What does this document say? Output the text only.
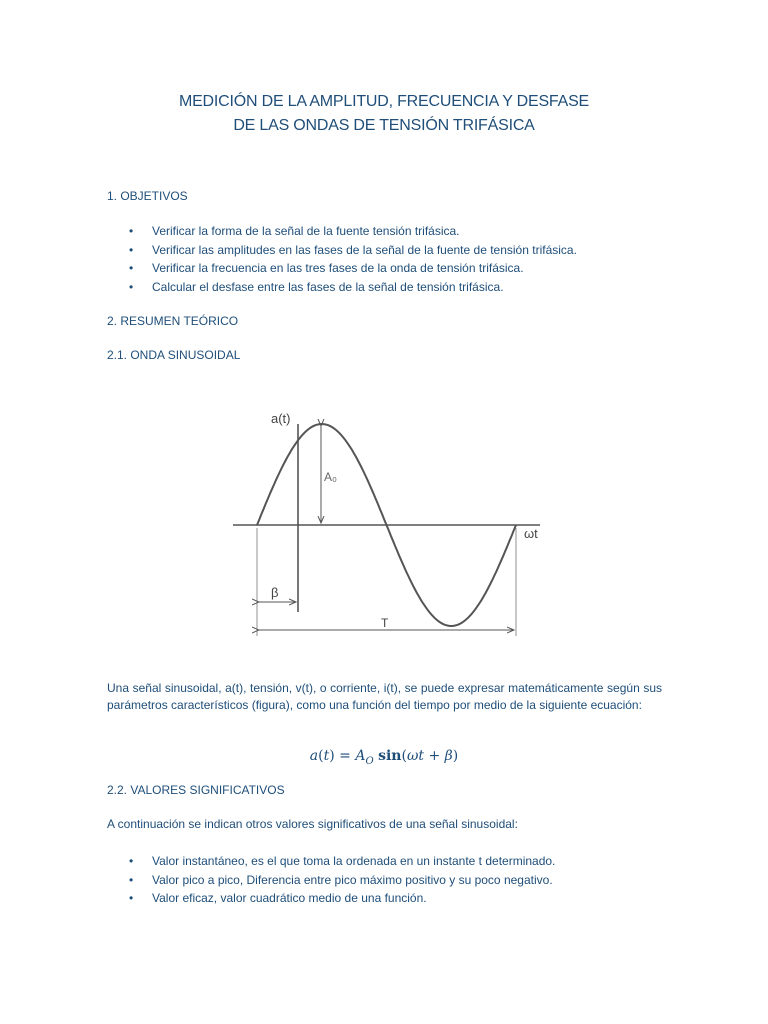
MEDICIÓN DE LA AMPLITUD, FRECUENCIA Y DESFASE
DE LAS ONDAS DE TENSIÓN TRIFÁSICA
1. OBJETIVOS
• Verificar la forma de la señal de la fuente tensión trifásica.
• Verificar las amplitudes en las fases de la señal de la fuente de tensión trifásica.
• Verificar la frecuencia en las tres fases de la onda de tensión trifásica.
• Calcular el desfase entre las fases de la señal de tensión trifásica.
2. RESUMEN TEÓRICO
2.1. ONDA SINUSOIDAL
a(t)
A₀
ωt
β
T
Una señal sinusoidal, a(t), tensión, v(t), o corriente, i(t), se puede expresar matemáticamente según sus parámetros característicos (figura), como una función del tiempo por medio de la siguiente ecuación:
$a(t) = A_O$ sin(ωt + β)
2.2. VALORES SIGNIFICATIVOS
A continuación se indican otros valores significativos de una señal sinusoidal:
• Valor instantáneo, es el que toma la ordenada en un instante t determinado.
• Valor pico a pico, Diferencia entre pico máximo positivo y su poco negativo.
• Valor eficaz, valor cuadrático medio de una función.
